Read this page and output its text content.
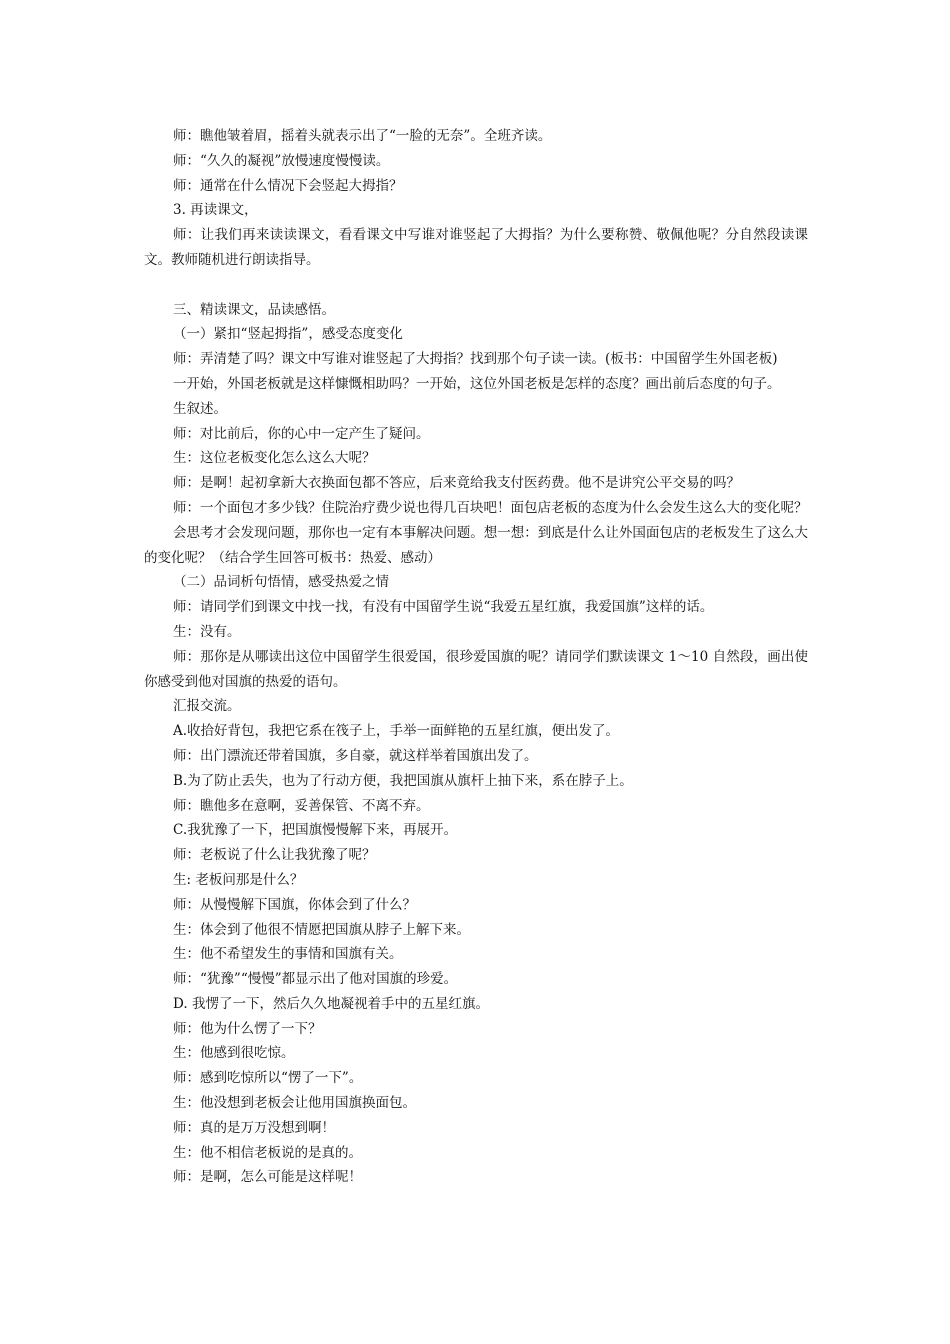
师：瞧他皱着眉，摇着头就表示出了“一脸的无奈”。全班齐读。

师：“久久的凝视”放慢速度慢慢读。

师：通常在什么情况下会竖起大拇指？

3. 再读课文，

师：让我们再来读读课文，看看课文中写谁对谁竖起了大拇指？为什么要称赞、敬佩他呢？分自然段读课文。教师随机进行朗读指导。

三、精读课文，品读感悟。

（一）紧扣“竖起拇指”，感受态度变化

师：弄清楚了吗？课文中写谁对谁竖起了大拇指？找到那个句子读一读。(板书：中国留学生外国老板)

一开始，外国老板就是这样慷慨相助吗？一开始，这位外国老板是怎样的态度？画出前后态度的句子。

生叙述。

师：对比前后，你的心中一定产生了疑问。

生：这位老板变化怎么这么大呢？

师：是啊！起初拿新大衣换面包都不答应，后来竟给我支付医药费。他不是讲究公平交易的吗？

师：一个面包才多少钱？住院治疗费少说也得几百块吧！面包店老板的态度为什么会发生这么大的变化呢？

会思考才会发现问题，那你也一定有本事解决问题。想一想：到底是什么让外国面包店的老板发生了这么大的变化呢？（结合学生回答可板书：热爱、感动）

（二）品词析句悟情，感受热爱之情

师：请同学们到课文中找一找，有没有中国留学生说“我爱五星红旗，我爱国旗”这样的话。

生：没有。

师：那你是从哪读出这位中国留学生很爱国，很珍爱国旗的呢？请同学们默读课文 1～10 自然段，画出使你感受到他对国旗的热爱的语句。

汇报交流。

A.收拾好背包，我把它系在筏子上，手举一面鲜艳的五星红旗，便出发了。

师：出门漂流还带着国旗，多自豪，就这样举着国旗出发了。

B.为了防止丢失，也为了行动方便，我把国旗从旗杆上抽下来，系在脖子上。

师：瞧他多在意啊，妥善保管、不离不弃。

C.我犹豫了一下，把国旗慢慢解下来，再展开。

师：老板说了什么让我犹豫了呢？

生: 老板问那是什么？

师：从慢慢解下国旗，你体会到了什么？

生：体会到了他很不情愿把国旗从脖子上解下来。

生：他不希望发生的事情和国旗有关。

师：“犹豫”“慢慢”都显示出了他对国旗的珍爱。

D. 我愣了一下，然后久久地凝视着手中的五星红旗。

师：他为什么愣了一下？

生：他感到很吃惊。

师：感到吃惊所以“愣了一下”。

生：他没想到老板会让他用国旗换面包。

师：真的是万万没想到啊！

生：他不相信老板说的是真的。

师：是啊，怎么可能是这样呢！
